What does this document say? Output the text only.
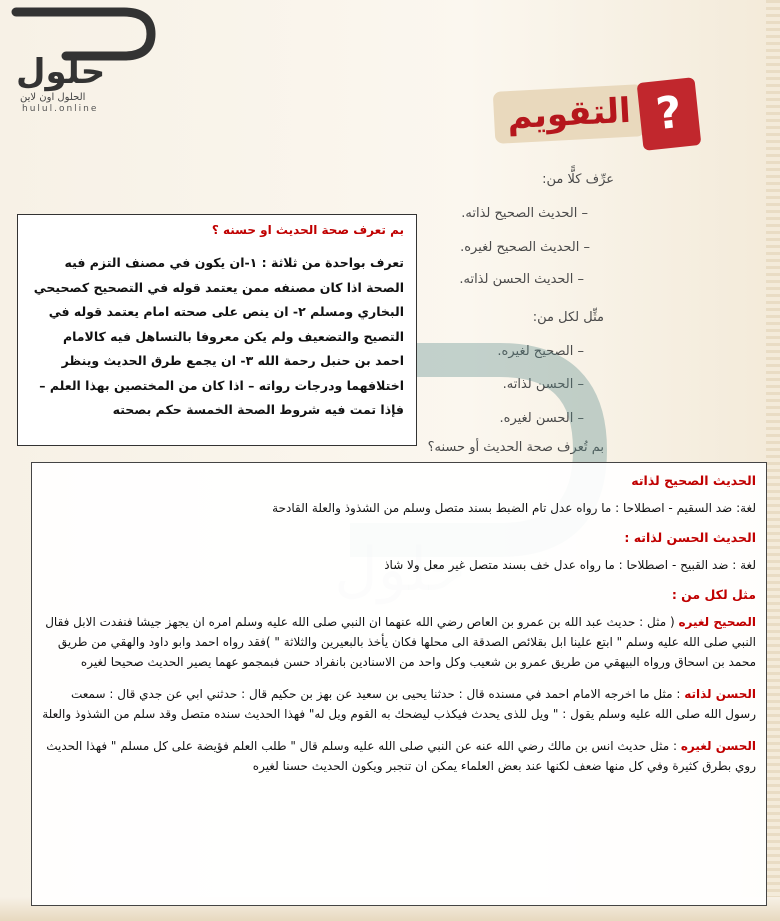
حلول
الحلول اون لاين
hulul.online	التقويم ?
عرِّف كلًّا من:
– الحديث الصحيح لذاته.
– الحديث الصحيح لغيره.
– الحديث الحسن لذاته.
مثِّل لكل من:
– الصحيح لغيره.
– الحسن لذاته.
– الحسن لغيره.
بم تُعرف صحة الحديث أو حسنه؟
بم تعرف صحة الحديث او حسنه ؟
تعرف بواحدة من ثلاثة : ١-ان يكون في مصنف التزم فيه الصحة اذا كان مصنفه ممن يعتمد قوله في التصحيح كصحيحي البخاري ومسلم ٢- ان ينص على صحته امام يعتمد قوله في التصيح والتضعيف ولم يكن معروفا بالتساهل فيه كالامام احمد بن حنبل رحمة الله ٣- ان يجمع طرق الحديث وينظر اختلافهما ودرجات رواته – اذا كان من المختصين بهذا العلم – فإذا تمت فيه شروط الصحة الخمسة حكم بصحته
الحديث الصحيح لذاته
لغة: ضد السقيم - اصطلاحا : ما رواه عدل تام الضبط بسند متصل وسلم من الشذوذ والعلة القادحة
الحديث الحسن لذاته :
لغة : ضد القبيح - اصطلاحا : ما رواه عدل خف بسند متصل غير معل ولا شاذ
مثل لكل من :
الصحيح لغيره ( مثل : حديث عبد الله بن عمرو بن العاص رضي الله عنهما ان النبي صلى الله عليه وسلم امره ان يجهز جيشا فنفدت الابل فقال النبي صلى الله عليه وسلم " ابتع علينا ابل بقلائص الصدقة الى محلها فكان يأخذ بالبعيرين والثلاثة " )فقد رواه احمد وابو داود والهقي من طريق محمد بن اسحاق ورواه البيهقي من طريق عمرو بن شعيب وكل واحد من الاسنادين بانفراد حسن فبمجمو عهما يصير الحديث صحيحا لغيره
الحسن لذاته : مثل ما اخرجه الامام احمد في مسنده قال : حدثنا يحيى بن سعيد عن بهز بن حكيم قال : حدثني ابي عن جدي قال : سمعت رسول الله صلى الله عليه وسلم يقول : " ويل للذى يحدث فيكذب ليضحك به القوم ويل له" فهذا الحديث سنده متصل وقد سلم من الشذوذ والعلة
الحسن لغيره : مثل حديث انس بن مالك رضي الله عنه عن النبي صلى الله عليه وسلم قال " طلب العلم فؤيضة على كل مسلم " فهذا الحديث روي بطرق كثيرة وفي كل منها ضعف لكنها عند بعض العلماء يمكن ان تنجبر ويكون الحديث حسنا لغيره
